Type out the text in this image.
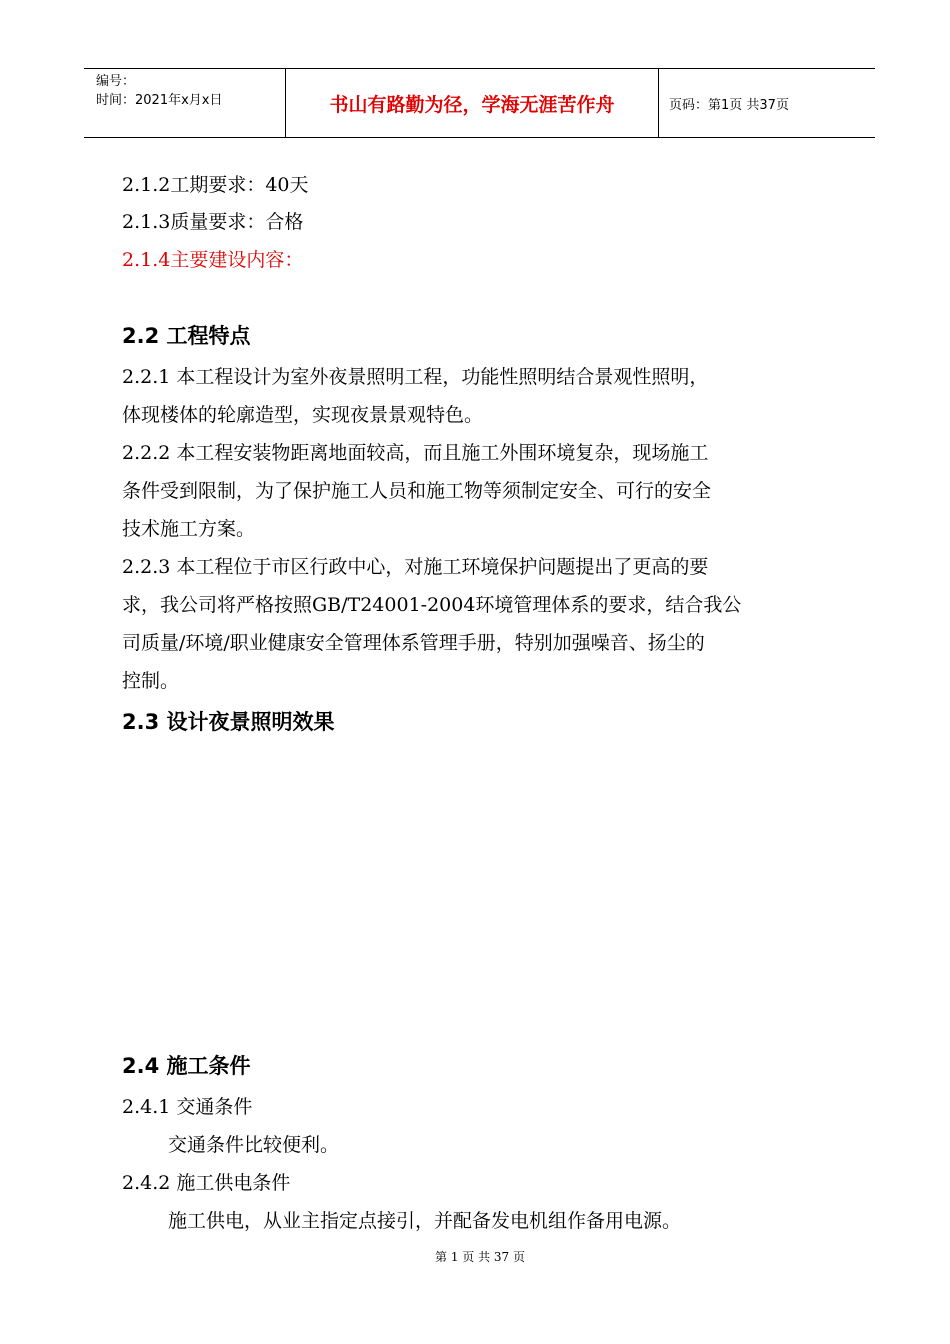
编号：
时间：2021年x月x日	书山有路勤为径，学海无涯苦作舟	页码：第1页 共37页
2.1.2工期要求：40天
2.1.3质量要求：合格
2.1.4主要建设内容：
2.2 工程特点
2.2.1 本工程设计为室外夜景照明工程，功能性照明结合景观性照明，
体现楼体的轮廓造型，实现夜景景观特色。
2.2.2 本工程安装物距离地面较高，而且施工外围环境复杂，现场施工
条件受到限制，为了保护施工人员和施工物等须制定安全、可行的安全
技术施工方案。
2.2.3 本工程位于市区行政中心，对施工环境保护问题提出了更高的要
求，我公司将严格按照GB/T24001-2004环境管理体系的要求，结合我公
司质量/环境/职业健康安全管理体系管理手册，特别加强噪音、扬尘的
控制。
2.3 设计夜景照明效果
2.4 施工条件
2.4.1 交通条件
交通条件比较便利。
2.4.2 施工供电条件
施工供电，从业主指定点接引，并配备发电机组作备用电源。
第 1 页 共 37 页
